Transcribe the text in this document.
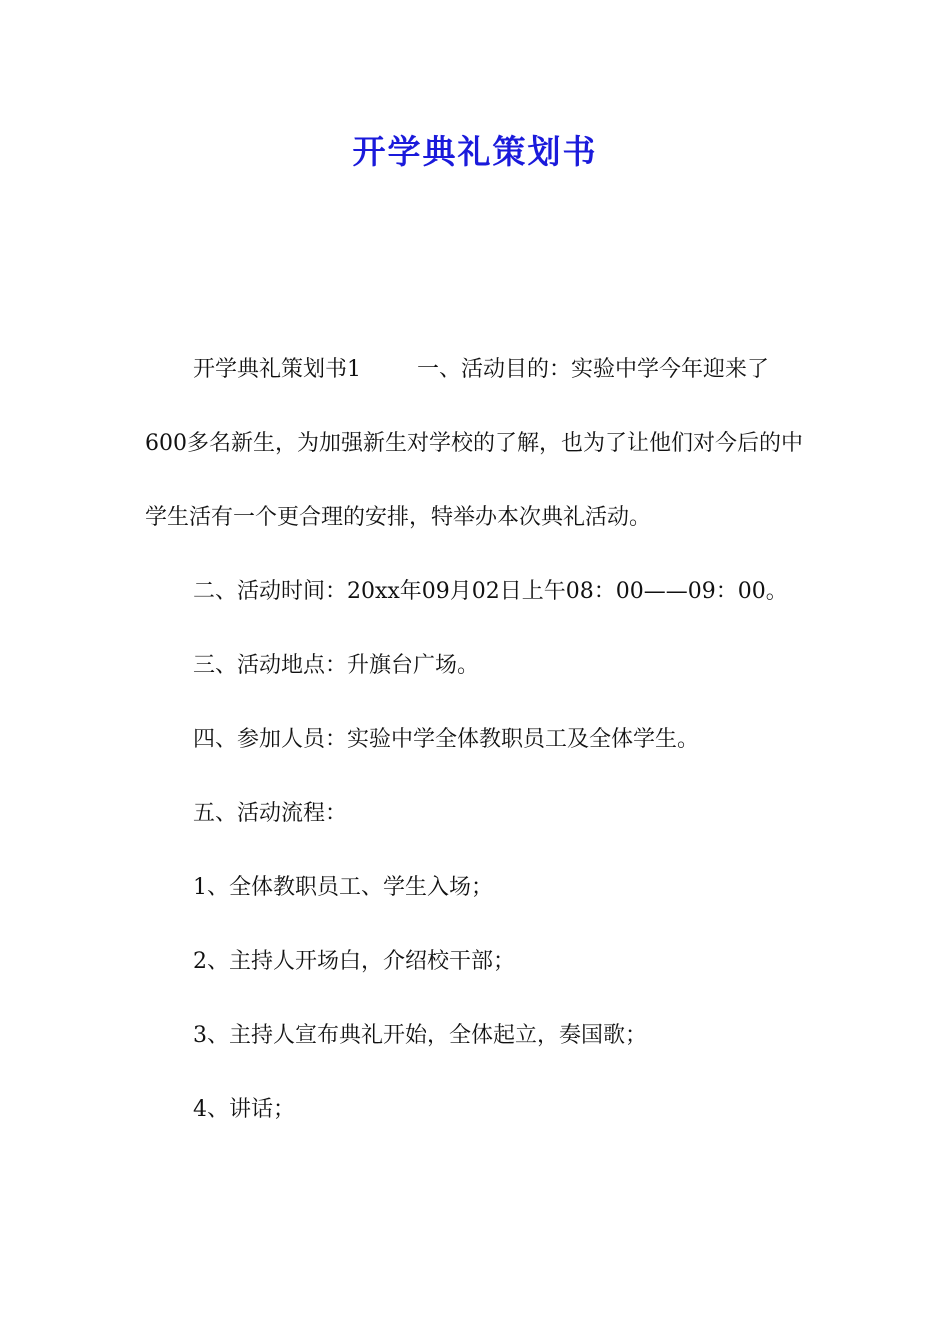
开学典礼策划书

开学典礼策划书1	一、活动目的：实验中学今年迎来了600多名新生，为加强新生对学校的了解，也为了让他们对今后的中学生活有一个更合理的安排，特举办本次典礼活动。

二、活动时间：20xx年09月02日上午08：00——09：00。

三、活动地点：升旗台广场。

四、参加人员：实验中学全体教职员工及全体学生。

五、活动流程：

1、全体教职员工、学生入场；

2、主持人开场白，介绍校干部；

3、主持人宣布典礼开始，全体起立，奏国歌；

4、讲话；
